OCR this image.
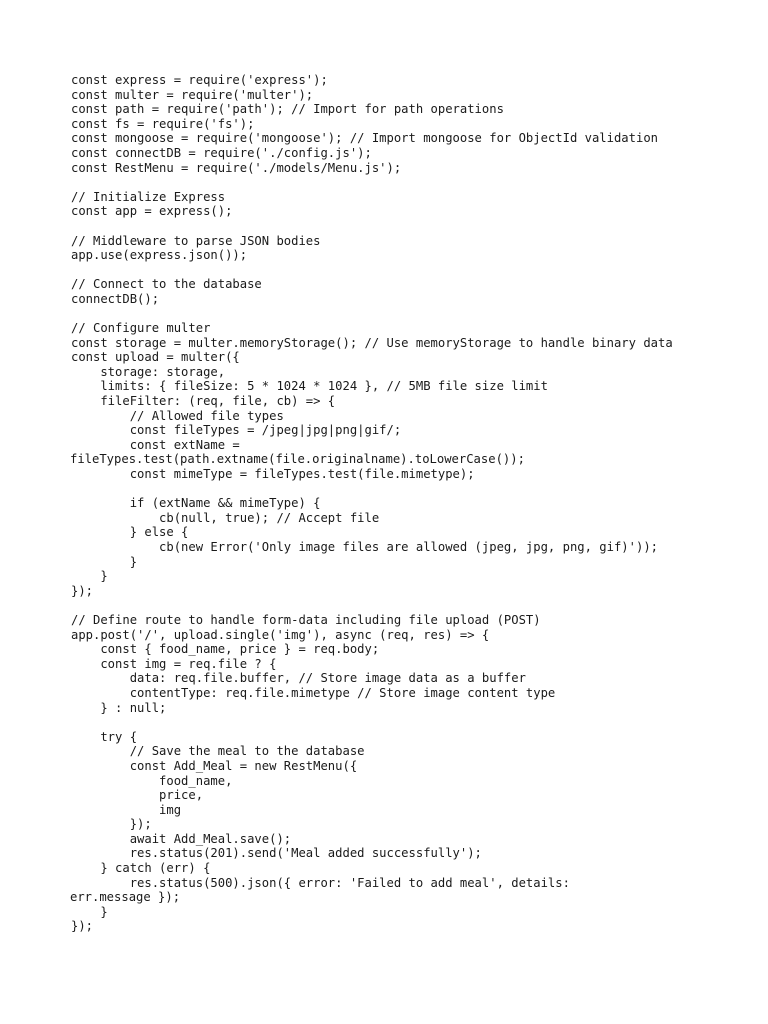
const express = require('express');
const multer = require('multer');
const path = require('path'); // Import for path operations
const fs = require('fs');
const mongoose = require('mongoose'); // Import mongoose for ObjectId validation
const connectDB = require('./config.js');
const RestMenu = require('./models/Menu.js');
// Initialize Express
const app = express();
// Middleware to parse JSON bodies
app.use(express.json());
// Connect to the database
connectDB();
// Configure multer
const storage = multer.memoryStorage(); // Use memoryStorage to handle binary data
const upload = multer({
storage: storage,
limits: { fileSize: 5 * 1024 * 1024 }, // 5MB file size limit
fileFilter: (req, file, cb) => {
// Allowed file types
const fileTypes = /jpeg|jpg|png|gif/;
const extName =
fileTypes.test(path.extname(file.originalname).toLowerCase());
const mimeType = fileTypes.test(file.mimetype);
if (extName && mimeType) {
cb(null, true); // Accept file
} else {
cb(new Error('Only image files are allowed (jpeg, jpg, png, gif)'));
}
}
});
// Define route to handle form-data including file upload (POST)
app.post('/', upload.single('img'), async (req, res) => {
const { food_name, price } = req.body;
const img = req.file ? {
data: req.file.buffer, // Store image data as a buffer
contentType: req.file.mimetype // Store image content type
} : null;
try {
// Save the meal to the database
const Add_Meal = new RestMenu({
food_name,
price,
img
});
await Add_Meal.save();
res.status(201).send('Meal added successfully');
} catch (err) {
res.status(500).json({ error: 'Failed to add meal', details:
err.message });
}
});
